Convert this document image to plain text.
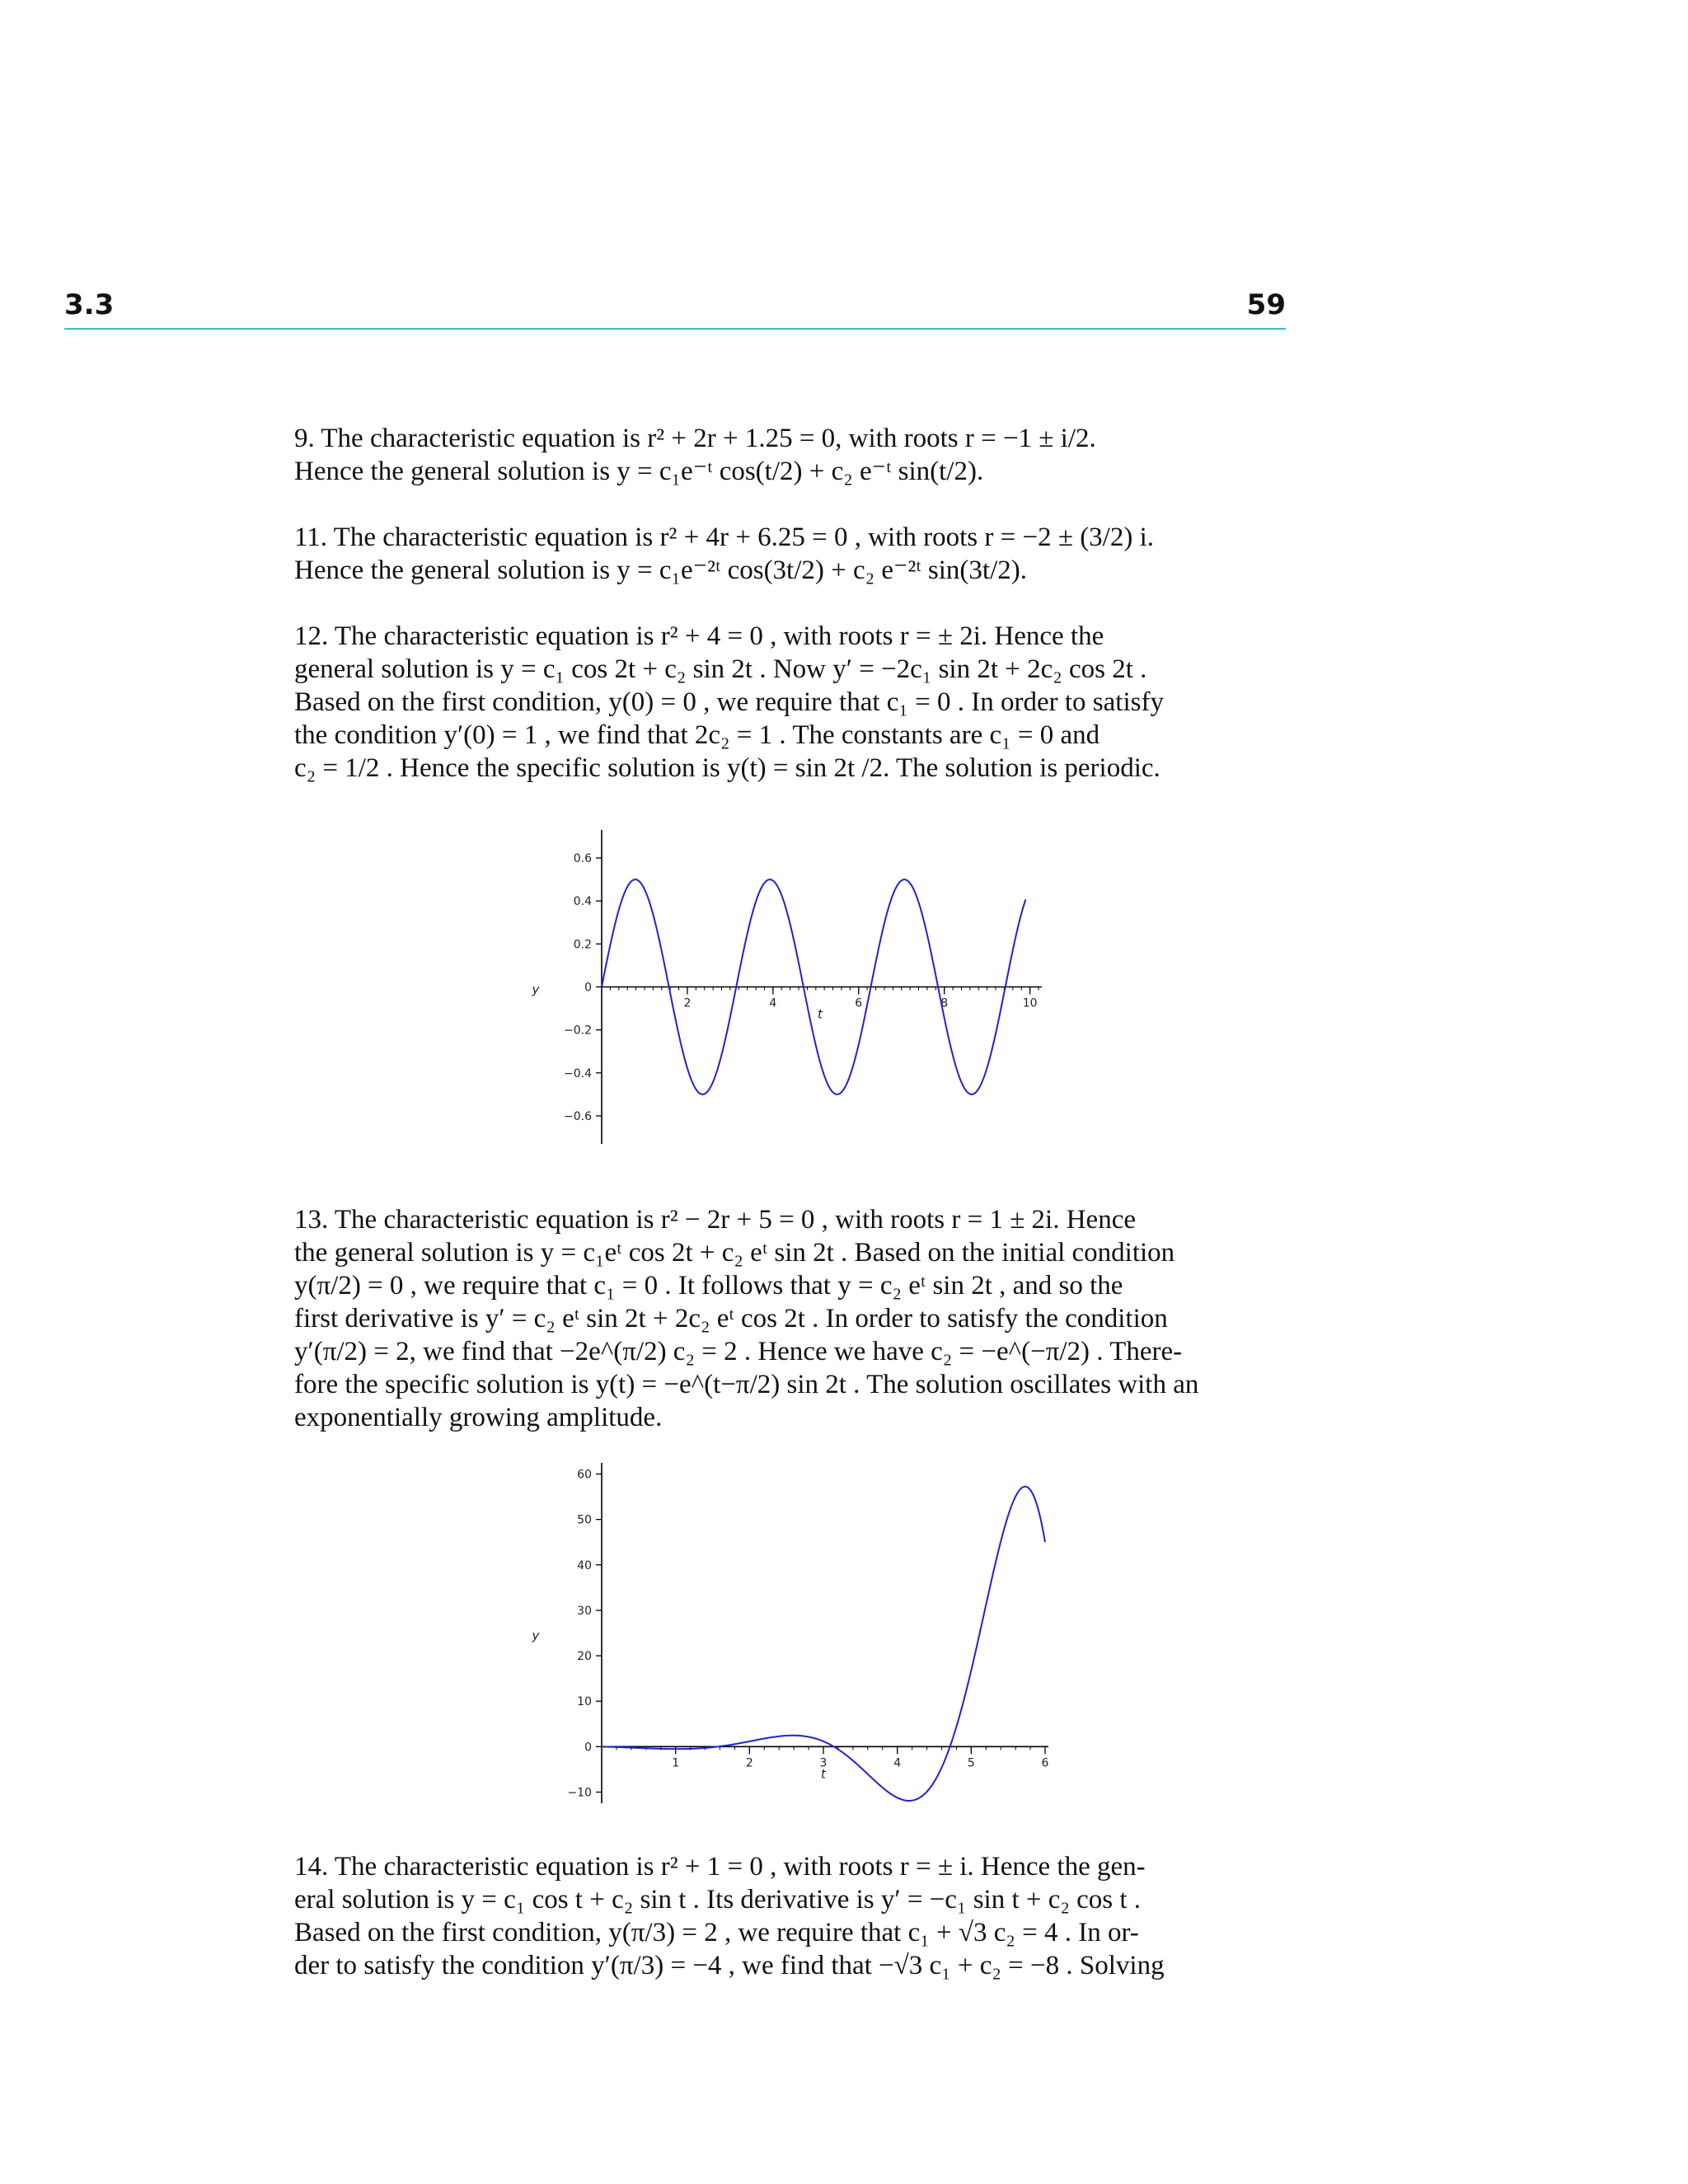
3.3	59
9. The characteristic equation is r² + 2r + 1.25 = 0, with roots r = −1 ± i/2.
Hence the general solution is y = c₁e⁻ᵗ cos(t/2) + c₂ e⁻ᵗ sin(t/2).
11. The characteristic equation is r² + 4r + 6.25 = 0 , with roots r = −2 ± (3/2) i.
Hence the general solution is y = c₁e⁻²ᵗ cos(3t/2) + c₂ e⁻²ᵗ sin(3t/2).
12. The characteristic equation is r² + 4 = 0 , with roots r = ± 2i. Hence the
general solution is y = c₁ cos 2t + c₂ sin 2t . Now y′ = −2c₁ sin 2t + 2c₂ cos 2t .
Based on the first condition, y(0) = 0 , we require that c₁ = 0 . In order to satisfy
the condition y′(0) = 1 , we find that 2c₂ = 1 . The constants are c₁ = 0 and
c₂ = 1/2 . Hence the specific solution is y(t) = sin 2t /2. The solution is periodic.
0.6
0.4
0.2
0
−0.2
−0.4
−0.6
2	4	6	8	10
t
y
13. The characteristic equation is r² − 2r + 5 = 0 , with roots r = 1 ± 2i. Hence
the general solution is y = c₁eᵗ cos 2t + c₂ eᵗ sin 2t . Based on the initial condition
y(π/2) = 0 , we require that c₁ = 0 . It follows that y = c₂ eᵗ sin 2t , and so the
first derivative is y′ = c₂ eᵗ sin 2t + 2c₂ eᵗ cos 2t . In order to satisfy the condition
y′(π/2) = 2, we find that −2e^(π/2) c₂ = 2 . Hence we have c₂ = −e^(−π/2) . There-
fore the specific solution is y(t) = −e^(t−π/2) sin 2t . The solution oscillates with an
exponentially growing amplitude.
60
50
40
30
20
10
0
−10
1	2	3	4	5	6
t
y
14. The characteristic equation is r² + 1 = 0 , with roots r = ± i. Hence the gen-
eral solution is y = c₁ cos t + c₂ sin t . Its derivative is y′ = −c₁ sin t + c₂ cos t .
Based on the first condition, y(π/3) = 2 , we require that c₁ + √3 c₂ = 4 . In or-
der to satisfy the condition y′(π/3) = −4 , we find that −√3 c₁ + c₂ = −8 . Solving
